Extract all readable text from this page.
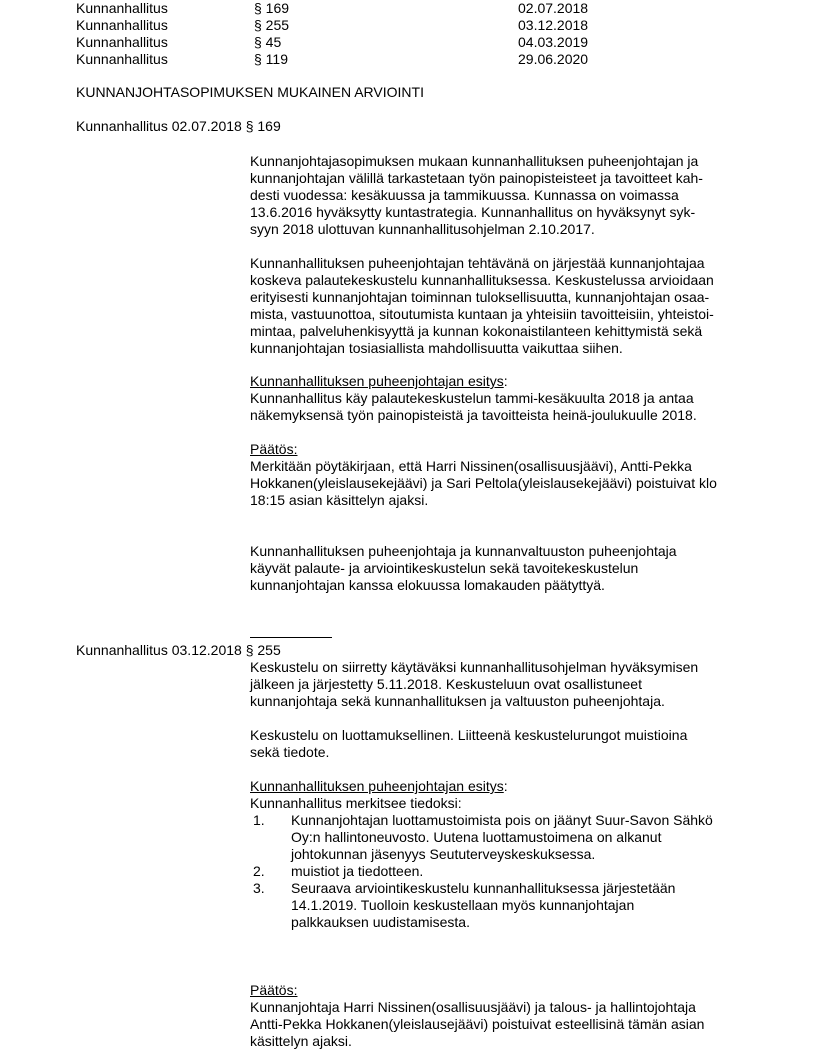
Kunnanhallitus	§ 169	02.07.2018
Kunnanhallitus	§ 255	03.12.2018
Kunnanhallitus	§ 45	04.03.2019
Kunnanhallitus	§ 119	29.06.2020
KUNNANJOHTASOPIMUKSEN MUKAINEN ARVIOINTI
Kunnanhallitus 02.07.2018 § 169

Kunnanjohtajasopimuksen mukaan kunnanhallituksen puheenjohtajan ja

kunnanjohtajan välillä tarkastetaan työn painopisteisteet ja tavoitteet kah-

desti vuodessa: kesäkuussa ja tammikuussa. Kunnassa on voimassa

13.6.2016 hyväksytty kuntastrategia. Kunnanhallitus on hyväksynyt syk-

syyn 2018 ulottuvan kunnanhallitusohjelman 2.10.2017.

Kunnanhallituksen puheenjohtajan tehtävänä on järjestää kunnanjohtajaa

koskeva palautekeskustelu kunnanhallituksessa. Keskustelussa arvioidaan

erityisesti kunnanjohtajan toiminnan tuloksellisuutta, kunnanjohtajan osaa-

mista, vastuunottoa, sitoutumista kuntaan ja yhteisiin tavoitteisiin, yhteistoi-

mintaa, palveluhenkisyyttä ja kunnan kokonaistilanteen kehittymistä sekä

kunnanjohtajan tosiasiallista mahdollisuutta vaikuttaa siihen.

Kunnanhallituksen puheenjohtajan esitys:

Kunnanhallitus käy palautekeskustelun tammi-kesäkuulta 2018 ja antaa

näkemyksensä työn painopisteistä ja tavoitteista heinä-joulukuulle 2018.

Päätös:

Merkitään pöytäkirjaan, että Harri Nissinen(osallisuusjäävi), Antti-Pekka

Hokkanen(yleislausekejäävi) ja Sari Peltola(yleislausekejäävi) poistuivat klo

18:15 asian käsittelyn ajaksi.

Kunnanhallituksen puheenjohtaja ja kunnanvaltuuston puheenjohtaja

käyvät palaute- ja arviointikeskustelun sekä tavoitekeskustelun

kunnanjohtajan kanssa elokuussa lomakauden päätyttyä.

Kunnanhallitus 03.12.2018 § 255

Keskustelu on siirretty käytäväksi kunnanhallitusohjelman hyväksymisen

jälkeen ja järjestetty 5.11.2018. Keskusteluun ovat osallistuneet

kunnanjohtaja sekä kunnanhallituksen ja valtuuston puheenjohtaja.

Keskustelu on luottamuksellinen. Liitteenä keskustelurungot muistioina

sekä tiedote.

Kunnanhallituksen puheenjohtajan esitys:

Kunnanhallitus merkitsee tiedoksi:

1. Kunnanjohtajan luottamustoimista pois on jäänyt Suur-Savon Sähkö
Oy:n hallintoneuvosto. Uutena luottamustoimena on alkanut
johtokunnan jäsenyys Seututerveyskeskuksessa.
2. muistiot ja tiedotteen.
3. Seuraava arviointikeskustelu kunnanhallituksessa järjestetään
14.1.2019. Tuolloin keskustellaan myös kunnanjohtajan
palkkauksen uudistamisesta.

Päätös:

Kunnanjohtaja Harri Nissinen(osallisuusjäävi) ja talous- ja hallintojohtaja

Antti-Pekka Hokkanen(yleislausejäävi) poistuivat esteellisinä tämän asian

käsittelyn ajaksi.
